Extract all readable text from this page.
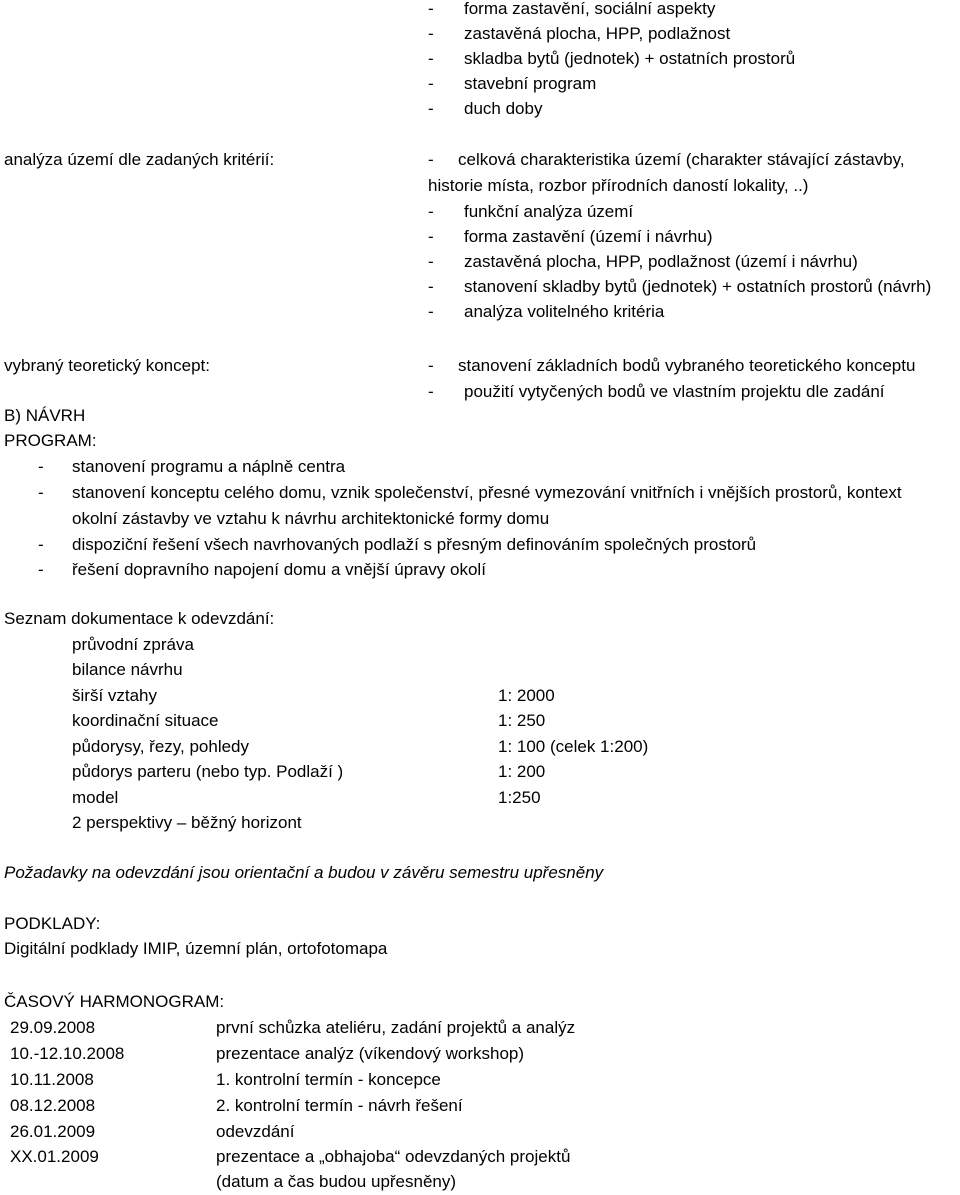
- forma zastavění, sociální aspekty
- zastavěná plocha, HPP, podlažnost
- skladba bytů (jednotek) + ostatních prostorů
- stavební program
- duch doby
analýza území dle zadaných kritérií:	- celková charakteristika území (charakter stávající zástavby,
historie místa, rozbor přírodních daností lokality, ..)
- funkční analýza území
- forma zastavění (území i návrhu)
- zastavěná plocha, HPP, podlažnost (území i návrhu)
- stanovení skladby bytů (jednotek) + ostatních prostorů (návrh)
- analýza volitelného kritéria
vybraný teoretický koncept:	- stanovení základních bodů vybraného teoretického konceptu
- použití vytyčených bodů ve vlastním projektu dle zadání
B) NÁVRH
PROGRAM:
- stanovení programu a náplně centra
- stanovení konceptu celého domu, vznik společenství, přesné vymezování vnitřních i vnějších prostorů, kontext
okolní zástavby ve vztahu k návrhu architektonické formy domu
- dispoziční řešení všech navrhovaných podlaží s přesným definováním společných prostorů
- řešení dopravního napojení domu a vnější úpravy okolí
Seznam dokumentace k odevzdání:
průvodní zpráva
bilance návrhu
širší vztahy	1: 2000
koordinační situace	1: 250
půdorysy, řezy, pohledy	1: 100 (celek 1:200)
půdorys parteru (nebo typ. Podlaží )	1: 200
model	1:250
2 perspektivy – běžný horizont
Požadavky na odevzdání jsou orientační a budou v závěru semestru upřesněny
PODKLADY:
Digitální podklady IMIP, územní plán, ortofotomapa
ČASOVÝ HARMONOGRAM:
29.09.2008	první schůzka ateliéru, zadání projektů a analýz
10.-12.10.2008	prezentace analýz (víkendový workshop)
10.11.2008	1. kontrolní termín - koncepce
08.12.2008	2. kontrolní termín - návrh řešení
26.01.2009	odevzdání
XX.01.2009	prezentace a „obhajoba“ odevzdaných projektů
(datum a čas budou upřesněny)
